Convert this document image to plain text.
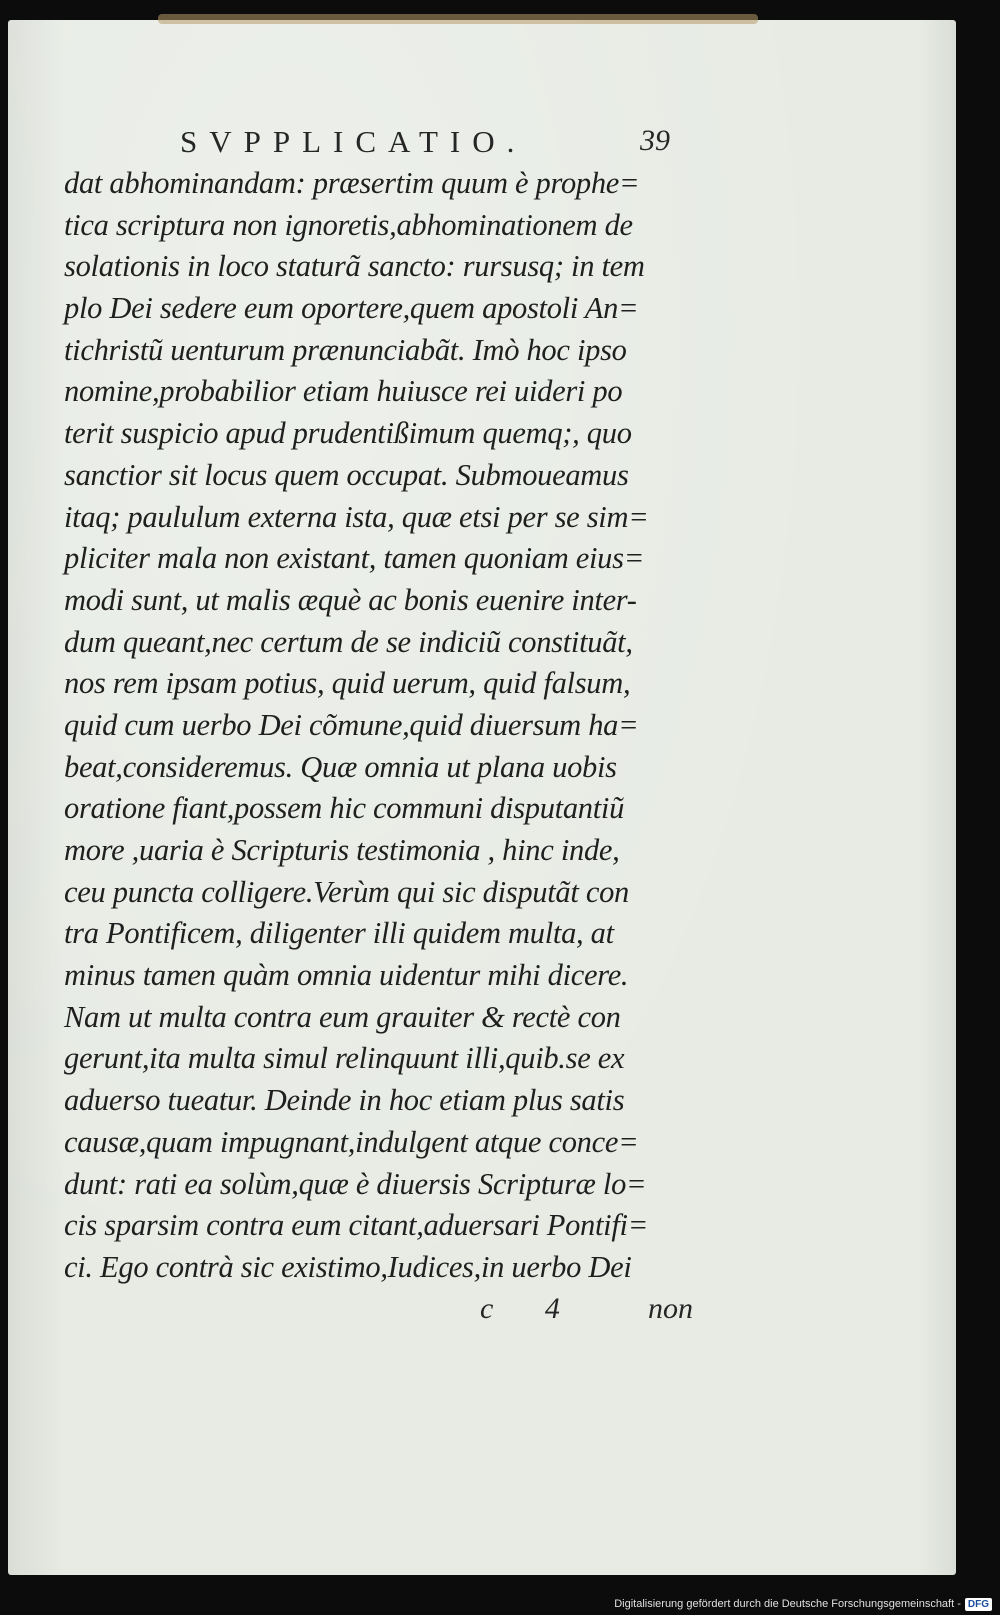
SVPPLICATIO.	39
dat abhominandam: præsertim quum è prophe=
tica scriptura non ignoretis,abhominationem de
solationis in loco staturã sancto: rursusq; in tem
plo Dei sedere eum oportere,quem apostoli An=
tichristũ uenturum prænunciabãt. Imò hoc ipso
nomine,probabilior etiam huiusce rei uideri po
terit suspicio apud prudentißimum quemq;, quo
sanctior sit locus quem occupat. Submoueamus
itaq; paululum externa ista, quæ etsi per se sim=
pliciter mala non existant, tamen quoniam eius=
modi sunt, ut malis æquè ac bonis euenire inter-
dum queant,nec certum de se indiciũ constituãt,
nos rem ipsam potius, quid uerum, quid falsum,
quid cum uerbo Dei cõmune,quid diuersum ha=
beat,consideremus. Quæ omnia ut plana uobis
oratione fiant,possem hic communi disputantiũ
more ,uaria è Scripturis testimonia , hinc inde,
ceu puncta colligere.Verùm qui sic disputãt con
tra Pontificem, diligenter illi quidem multa, at
minus tamen quàm omnia uidentur mihi dicere.
Nam ut multa contra eum grauiter & rectè con
gerunt,ita multa simul relinquunt illi,quib.se ex
aduerso tueatur. Deinde in hoc etiam plus satis
causæ,quam impugnant,indulgent atque conce=
dunt: rati ea solùm,quæ è diuersis Scripturæ lo=
cis sparsim contra eum citant,aduersari Pontifi=
ci. Ego contrà sic existimo,Iudices,in uerbo Dei
c 4 non
Digitalisierung gefördert durch die Deutsche Forschungsgemeinschaft - DFG
